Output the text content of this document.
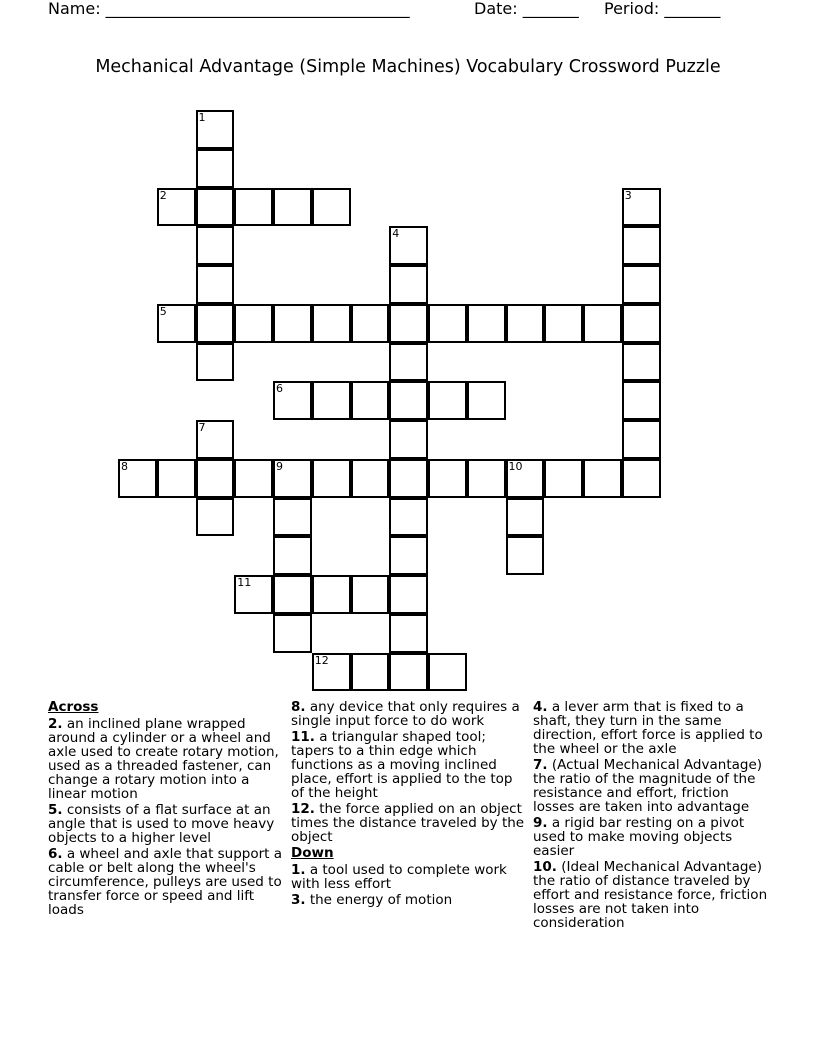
Name: ______________________________________	Date: _______ Period: _______
Mechanical Advantage (Simple Machines) Vocabulary Crossword Puzzle
1
2	3
4
5
6
7
8	9	10
11
12
Across
2. an inclined plane wrapped around a cylinder or a wheel and axle used to create rotary motion, used as a threaded fastener, can change a rotary motion into a linear motion
5. consists of a flat surface at an angle that is used to move heavy objects to a higher level
6. a wheel and axle that support a cable or belt along the wheel's circumference, pulleys are used to transfer force or speed and lift loads
8. any device that only requires a single input force to do work
11. a triangular shaped tool; tapers to a thin edge which functions as a moving inclined place, effort is applied to the top of the height
12. the force applied on an object times the distance traveled by the object
Down
1. a tool used to complete work with less effort
3. the energy of motion
4. a lever arm that is fixed to a shaft, they turn in the same direction, effort force is applied to the wheel or the axle
7. (Actual Mechanical Advantage) the ratio of the magnitude of the resistance and effort, friction losses are taken into advantage
9. a rigid bar resting on a pivot used to make moving objects easier
10. (Ideal Mechanical Advantage) the ratio of distance traveled by effort and resistance force, friction losses are not taken into consideration
